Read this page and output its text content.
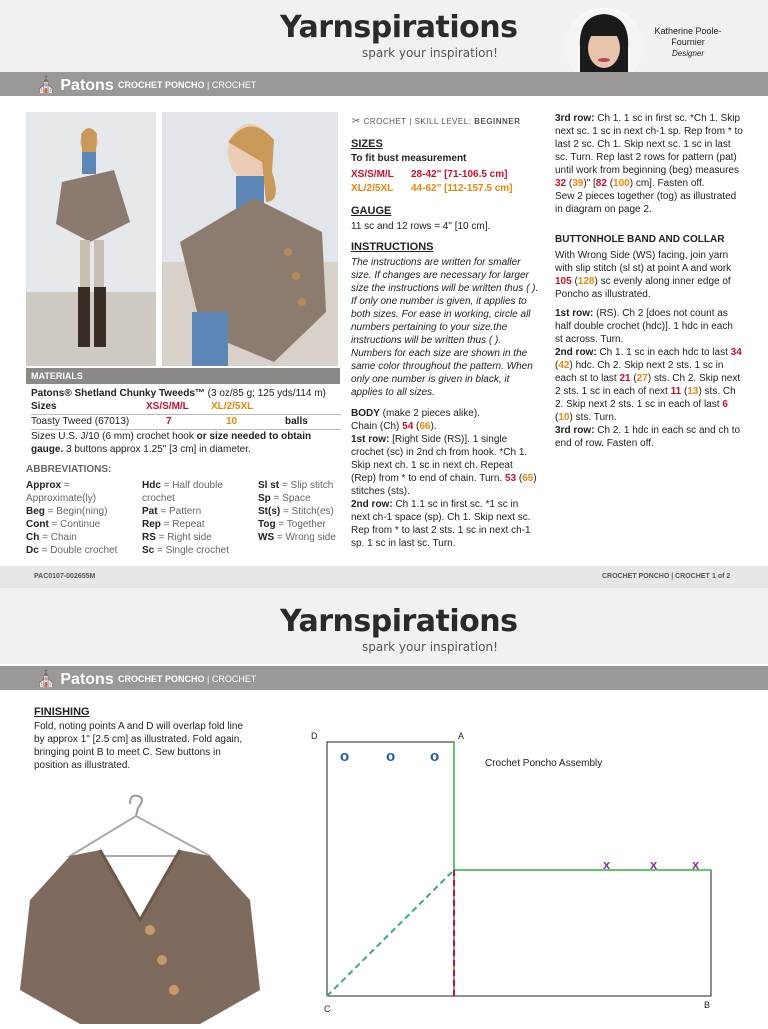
Yarnspirations
spark your inspiration!
Katherine Poole-Fournier
Designer
⛪ Patons CROCHET PONCHO | CROCHET
MATERIALS
Patons® Shetland Chunky Tweeds™ (3 oz/85 g; 125 yds/114 m)
Sizes	XS/S/M/L XL/2/5XL
Toasty Tweed (67013)	7	10	balls
Sizes U.S. J/10 (6 mm) crochet hook or size needed to obtain gauge. 3 buttons approx 1.25" [3 cm] in diameter.
ABBREVIATIONS:
Approx = Approximate(ly)
Beg = Begin(ning)
Cont = Continue
Ch = Chain
Dc = Double crochet
Hdc = Half double crochet
Pat = Pattern
Rep = Repeat
RS = Right side
Sc = Single crochet
Sl st = Slip stitch
Sp = Space
St(s) = Stitch(es)
Tog = Together
WS = Wrong side
✂ CROCHET | SKILL LEVEL: BEGINNER
SIZES
To fit bust measurement
XS/S/M/L 28-42" [71-106.5 cm]
XL/2/5XL 44-62" [112-157.5 cm]
GAUGE
11 sc and 12 rows = 4" [10 cm].
INSTRUCTIONS
The instructions are written for smaller size. If changes are necessary for larger size the instructions will be written thus ( ). If only one number is given, it applies to both sizes. For ease in working, circle all numbers pertaining to your size.the instructions will be written thus ( ). Numbers for each size are shown in the same color throughout the pattern. When only one number is given in black, it applies to all sizes.
BODY (make 2 pieces alike).
Chain (Ch) 54 (66).
1st row: [Right Side (RS)]. 1 single crochet (sc) in 2nd ch from hook. *Ch 1. Skip next ch. 1 sc in next ch. Repeat (Rep) from * to end of chain. Turn. 53 (65) stitches (sts).
2nd row: Ch 1.1 sc in first sc. *1 sc in next ch-1 space (sp). Ch 1. Skip next sc. Rep from * to last 2 sts. 1 sc in next ch-1 sp. 1 sc in last sc. Turn.
3rd row: Ch 1. 1 sc in first sc. *Ch 1. Skip next sc. 1 sc in next ch-1 sp. Rep from * to last 2 sc. Ch 1. Skip next sc. 1 sc in last sc. Turn. Rep last 2 rows for pattern (pat) until work from beginning (beg) measures 32 (39)" [82 (100) cm]. Fasten off.
Sew 2 pieces together (tog) as illustrated in diagram on page 2.
BUTTONHOLE BAND AND COLLAR
With Wrong Side (WS) facing, join yarn with slip stitch (sl st) at point A and work 105 (128) sc evenly along inner edge of Poncho as illustrated.
1st row: (RS). Ch 2 [does not count as half double crochet (hdc)]. 1 hdc in each st across. Turn.
2nd row: Ch 1. 1 sc in each hdc to last 34 (42) hdc. Ch 2. Skip next 2 sts. 1 sc in each st to last 21 (27) sts. Ch 2. Skip next 2 sts. 1 sc in each of next 11 (13) sts. Ch 2. Skip next 2 sts. 1 sc in each of last 6 (10) sts. Turn.
3rd row: Ch 2. 1 hdc in each sc and ch to end of row. Fasten off.
PAC0107-002655M	CROCHET PONCHO | CROCHET 1 of 2
Yarnspirations
spark your inspiration!
⛪ Patons CROCHET PONCHO | CROCHET
FINISHING
Fold, noting points A and D will overlap fold line by approx 1" [2.5 cm] as illustrated. Fold again, bringing point B to meet C. Sew buttons in position as illustrated.
D	A
C	B
Crochet Poncho Assembly
o o o
x	x	x
